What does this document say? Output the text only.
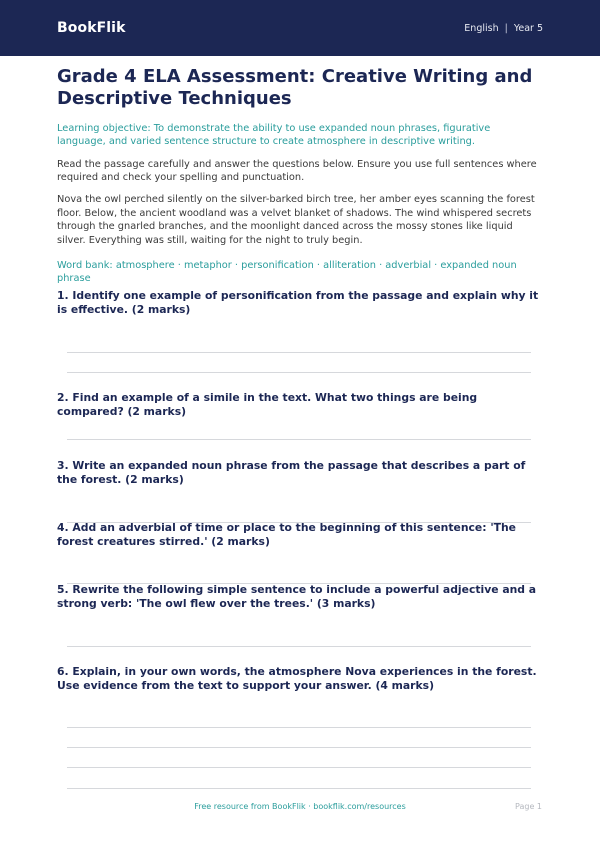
BookFlik	English | Year 5
Grade 4 ELA Assessment: Creative Writing and Descriptive Techniques

Learning objective: To demonstrate the ability to use expanded noun phrases, figurative language, and varied sentence structure to create atmosphere in descriptive writing.

Read the passage carefully and answer the questions below. Ensure you use full sentences where required and check your spelling and punctuation.

Nova the owl perched silently on the silver-barked birch tree, her amber eyes scanning the forest floor. Below, the ancient woodland was a velvet blanket of shadows. The wind whispered secrets through the gnarled branches, and the moonlight danced across the mossy stones like liquid silver. Everything was still, waiting for the night to truly begin.

Word bank: atmosphere · metaphor · personification · alliteration · adverbial · expanded noun phrase

1. Identify one example of personification from the passage and explain why it is effective. (2 marks)
2. Find an example of a simile in the text. What two things are being compared? (2 marks)
3. Write an expanded noun phrase from the passage that describes a part of the forest. (2 marks)
4. Add an adverbial of time or place to the beginning of this sentence: 'The forest creatures stirred.' (2 marks)
5. Rewrite the following simple sentence to include a powerful adjective and a strong verb: 'The owl flew over the trees.' (3 marks)
6. Explain, in your own words, the atmosphere Nova experiences in the forest. Use evidence from the text to support your answer. (4 marks)
Free resource from BookFlik · bookflik.com/resources	Page 1
